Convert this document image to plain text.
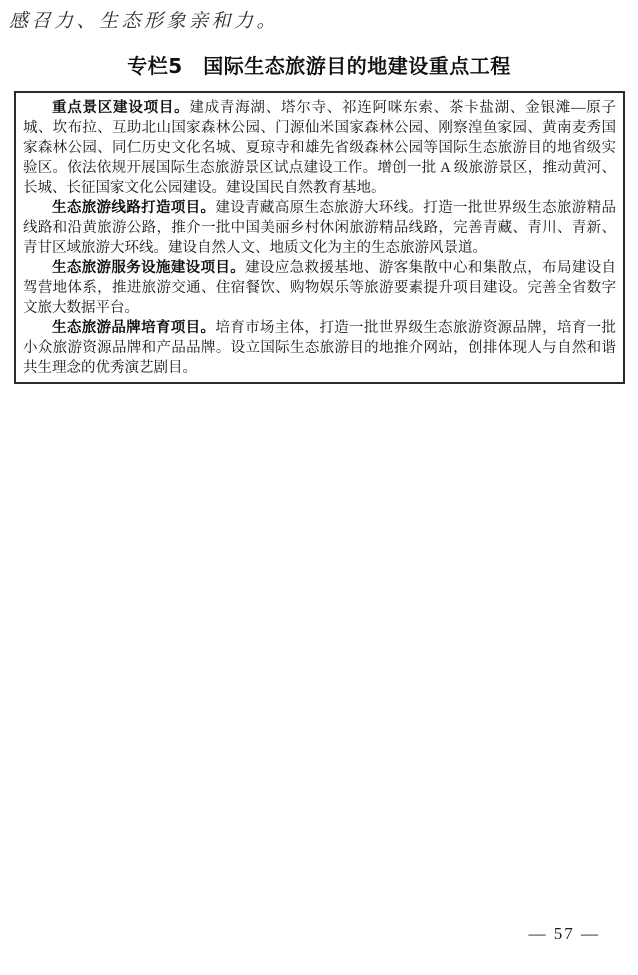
感召力、生态形象亲和力。

专栏5　国际生态旅游目的地建设重点工程

重点景区建设项目。建成青海湖、塔尔寺、祁连阿咪东索、茶卡盐湖、金银滩—原子城、坎布拉、互助北山国家森林公园、门源仙米国家森林公园、刚察湟鱼家园、黄南麦秀国家森林公园、同仁历史文化名城、夏琼寺和雄先省级森林公园等国际生态旅游目的地省级实验区。依法依规开展国际生态旅游景区试点建设工作。增创一批 A 级旅游景区，推动黄河、长城、长征国家文化公园建设。建设国民自然教育基地。

生态旅游线路打造项目。建设青藏高原生态旅游大环线。打造一批世界级生态旅游精品线路和沿黄旅游公路，推介一批中国美丽乡村休闲旅游精品线路，完善青藏、青川、青新、青甘区域旅游大环线。建设自然人文、地质文化为主的生态旅游风景道。

生态旅游服务设施建设项目。建设应急救援基地、游客集散中心和集散点，布局建设自驾营地体系，推进旅游交通、住宿餐饮、购物娱乐等旅游要素提升项目建设。完善全省数字文旅大数据平台。

生态旅游品牌培育项目。培育市场主体，打造一批世界级生态旅游资源品牌，培育一批小众旅游资源品牌和产品品牌。设立国际生态旅游目的地推介网站，创排体现人与自然和谐共生理念的优秀演艺剧目。

— 57 —
